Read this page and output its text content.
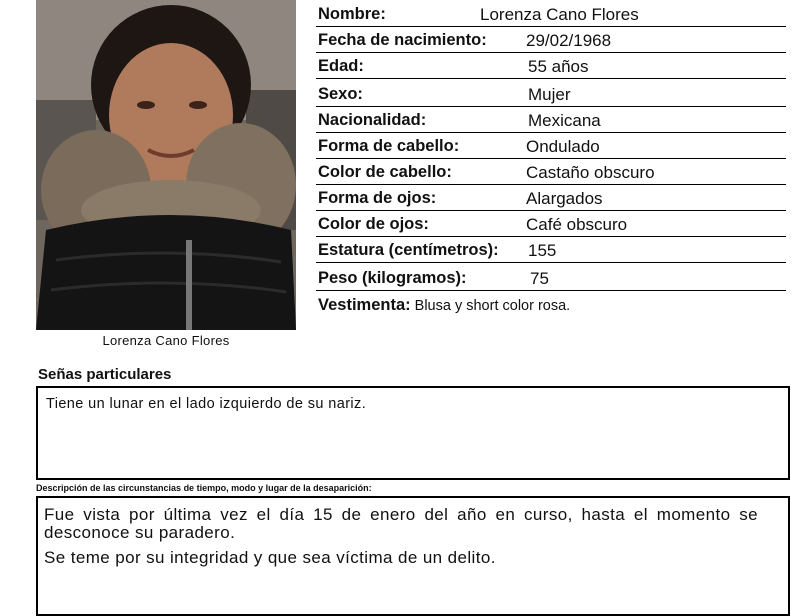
Lorenza Cano Flores
Nombre:	Lorenza Cano Flores
Fecha de nacimiento: 29/02/1968
Edad:	55 años
Sexo:	Mujer
Nacionalidad:	Mexicana
Forma de cabello:	Ondulado
Color de cabello:	Castaño obscuro
Forma de ojos:	Alargados
Color de ojos:	Café obscuro
Estatura (centímetros): 155
Peso (kilogramos):	75
Vestimenta: Blusa y short color rosa.
Señas particulares
Tiene un lunar en el lado izquierdo de su nariz.
Descripción de las circunstancias de tiempo, modo y lugar de la desaparición:

Fue vista por última vez el día 15 de enero del año en curso, hasta el momento se desconoce su paradero.

Se teme por su integridad y que sea víctima de un delito.
